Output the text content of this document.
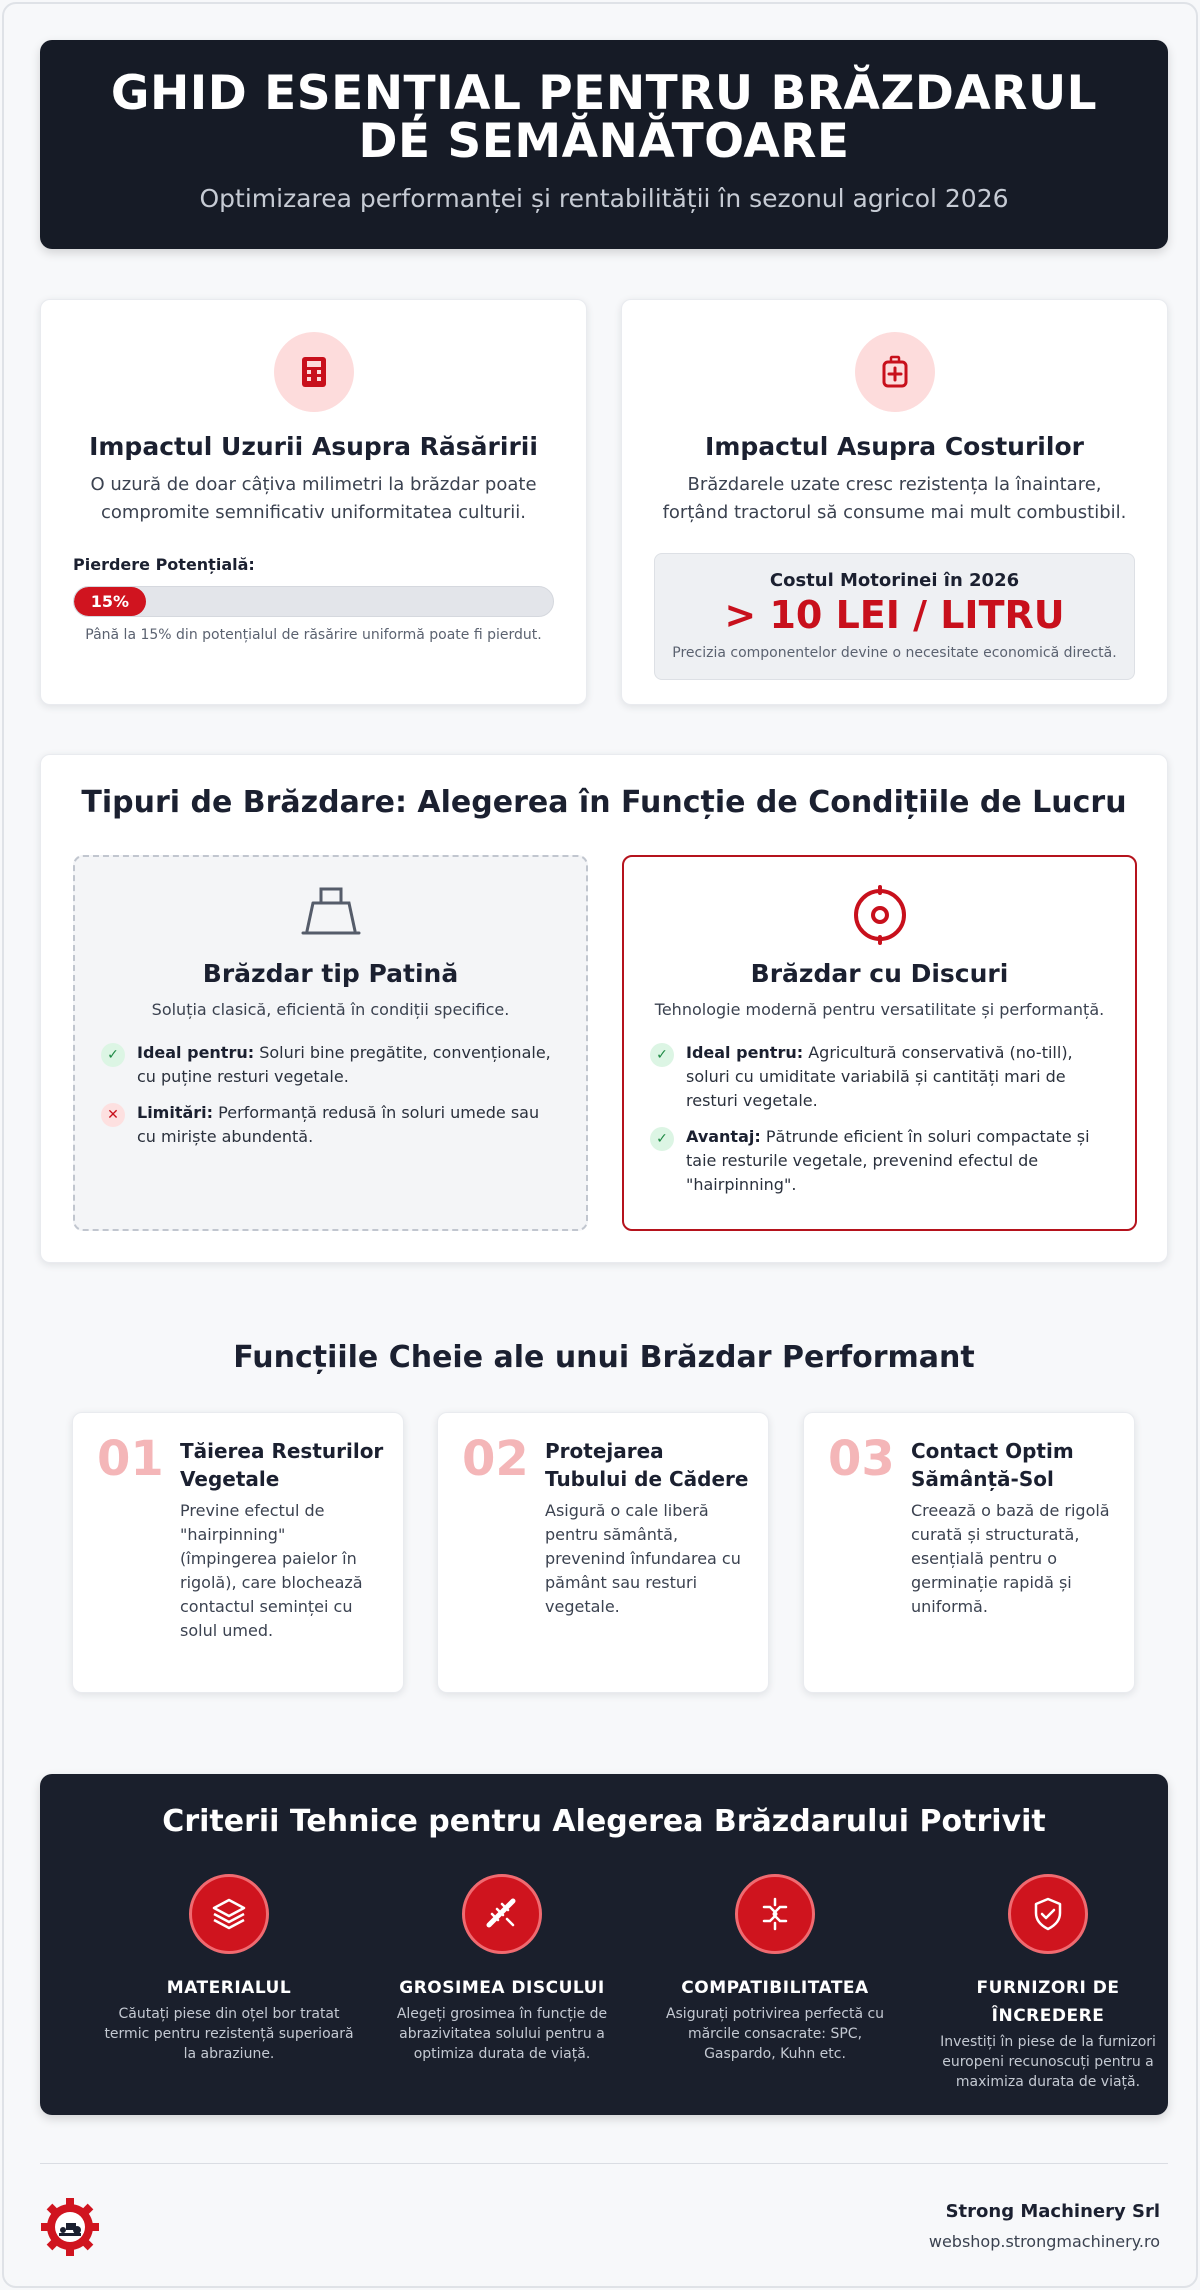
GHID ESENȚIAL PENTRU BRĂZDARUL DE SEMĂNĂTOARE

Optimizarea performanței și rentabilității în sezonul agricol 2026

Impactul Uzurii Asupra Răsăririi

O uzură de doar câțiva milimetri la brăzdar poate compromite semnificativ uniformitatea culturii.

Pierdere Potențială:
15%
Până la 15% din potențialul de răsărire uniformă poate fi pierdut.
Impactul Asupra Costurilor

Brăzdarele uzate cresc rezistența la înaintare, forțând tractorul să consume mai mult combustibil.

Costul Motorinei în 2026
> 10 LEI / LITRU
Precizia componentelor devine o necesitate economică directă.
Tipuri de Brăzdare: Alegerea în Funcție de Condițiile de Lucru
Brăzdar tip Patină

Soluția clasică, eficientă în condiții specifice.

✓	Ideal pentru: Soluri bine pregătite, convenționale, cu puține resturi vegetale.
✕	Limitări: Performanță redusă în soluri umede sau cu miriște abundentă.
Brăzdar cu Discuri

Tehnologie modernă pentru versatilitate și performanță.

✓	Ideal pentru: Agricultură conservativă (no-till), soluri cu umiditate variabilă și cantități mari de resturi vegetale.
✓	Avantaj: Pătrunde eficient în soluri compactate și taie resturile vegetale, prevenind efectul de "hairpinning".
Funcțiile Cheie ale unui Brăzdar Performant
01 Tăierea Resturilor Vegetale

Previne efectul de "hairpinning" (împingerea paielor în rigolă), care blochează contactul seminței cu solul umed.

02 Protejarea Tubului de Cădere

Asigură o cale liberă pentru sământă, prevenind înfundarea cu pământ sau resturi vegetale.

03 Contact Optim Sămânță-Sol

Creează o bază de rigolă curată și structurată, esențială pentru o germinație rapidă și uniformă.

Criterii Tehnice pentru Alegerea Brăzdarului Potrivit
MATERIALUL

Căutați piese din oțel bor tratat termic pentru rezistență superioară la abraziune.

GROSIMEA DISCULUI

Alegeți grosimea în funcție de abrazivitatea solului pentru a optimiza durata de viață.

COMPATIBILITATEA

Asigurați potrivirea perfectă cu mărcile consacrate: SPC, Gaspardo, Kuhn etc.

FURNIZORI DE ÎNCREDERE

Investiți în piese de la furnizori europeni recunoscuți pentru a maximiza durata de viață.

Strong Machinery Srl
webshop.strongmachinery.ro
